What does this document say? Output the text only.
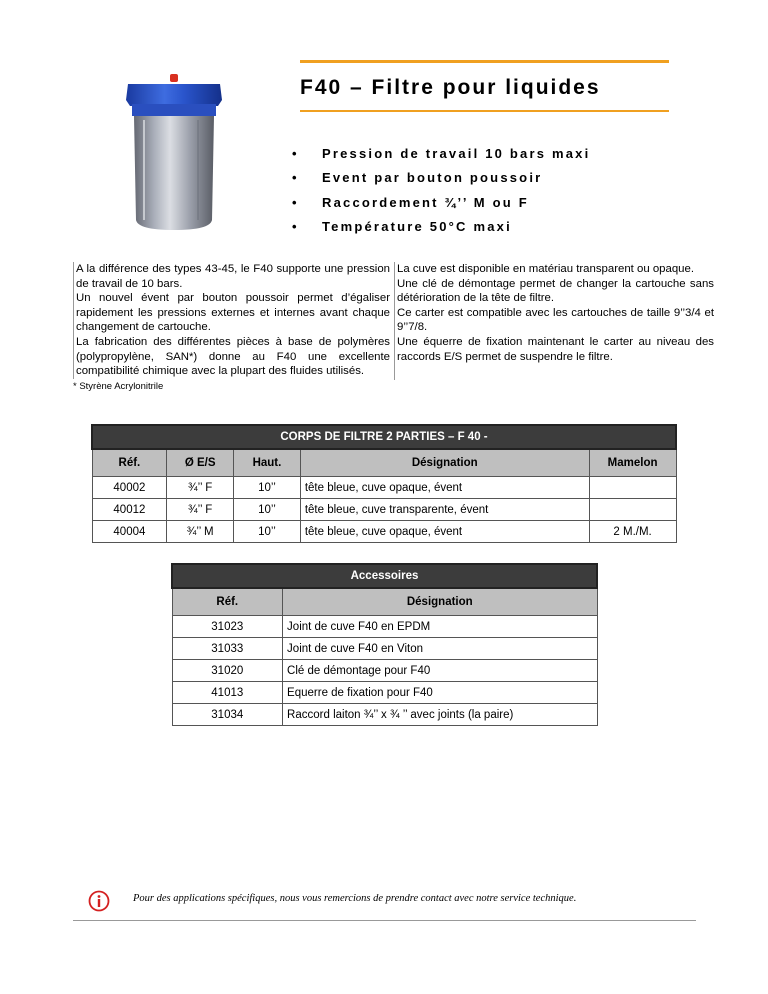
F40 – Filtre pour liquides
• Pression de travail 10 bars maxi
• Event par bouton poussoir
• Raccordement ¾’’ M ou F
• Température 50°C maxi

A la différence des types 43-45, le F40 supporte une pression de travail de 10 bars.

Un nouvel évent par bouton poussoir permet d’égaliser rapidement les pressions externes et internes avant chaque changement de cartouche.

La fabrication des différentes pièces à base de polymères (polypropylène, SAN*) donne au F40 une excellente compatibilité chimique avec la plupart des fluides utilisés.

La cuve est disponible en matériau transparent ou opaque.

Une clé de démontage permet de changer la cartouche sans détérioration de la tête de filtre.

Ce carter est compatible avec les cartouches de taille 9’’3/4 et 9’’7/8.

Une équerre de fixation maintenant le carter au niveau des raccords E/S permet de suspendre le filtre.

* Styrène Acrylonitrile
CORPS DE FILTRE 2 PARTIES – F 40 -				
Réf.	Ø E/S	Haut.	Désignation	Mamelon
40002	¾’’ F	10’’	tête bleue, cuve opaque, évent	
40012	¾’’ F	10’’	tête bleue, cuve transparente, évent	
40004	¾’’ M	10’’	tête bleue, cuve opaque, évent	2 M./M.
Accessoires	
Réf.	Désignation
31023	Joint de cuve F40 en EPDM
31033	Joint de cuve F40 en Viton
31020	Clé de démontage pour F40
41013	Equerre de fixation pour F40
31034	Raccord laiton ¾’’ x ¾ ’’ avec joints (la paire)
Pour des applications spécifiques, nous vous remercions de prendre contact avec notre service technique.
